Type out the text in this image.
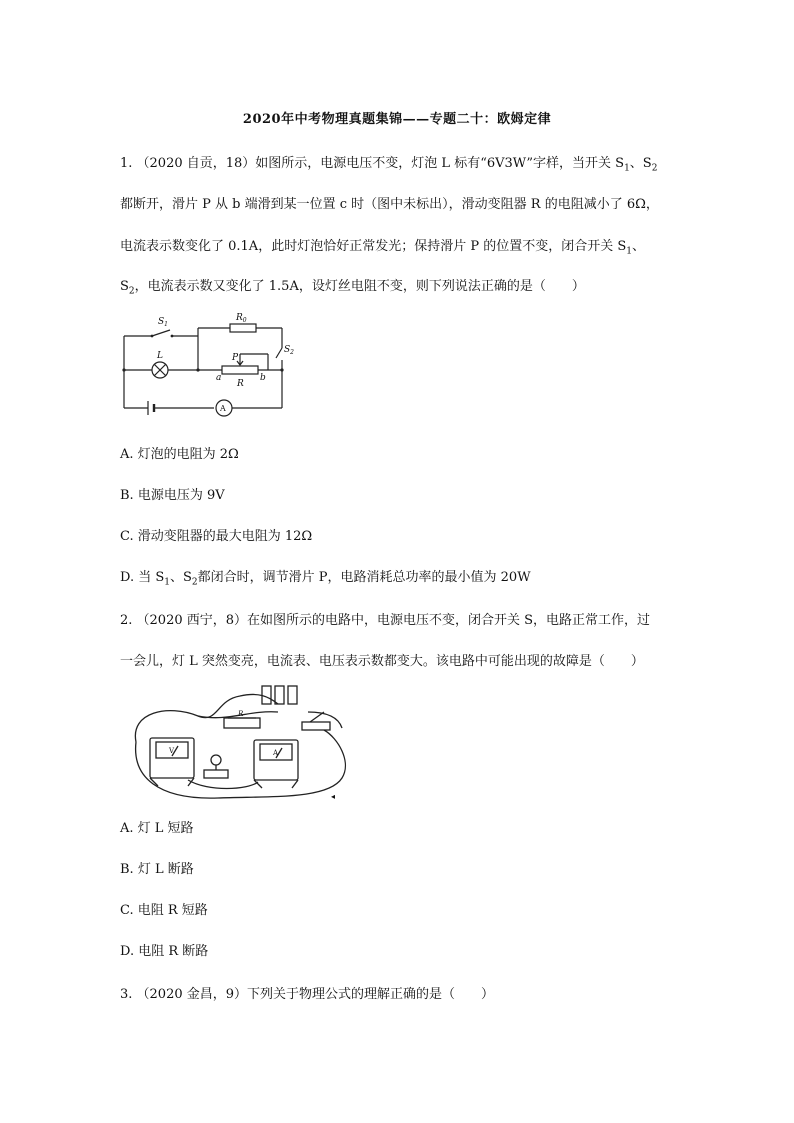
2020年中考物理真题集锦——专题二十：欧姆定律
1. （2020 自贡，18）如图所示，电源电压不变，灯泡 L 标有“6V3W”字样，当开关 $S_1$、$S_2$
都断开，滑片 P 从 b 端滑到某一位置 c 时（图中未标出），滑动变阻器 R 的电阻减小了 6Ω，
电流表示数变化了 0.1A，此时灯泡恰好正常发光；保持滑片 P 的位置不变，闭合开关 $S_1$、
$S_2$，电流表示数又变化了 1.5A，设灯丝电阻不变，则下列说法正确的是（　　）
$S_1$
$R_0$
$S_2$
L	P
a	b
R
A
A. 灯泡的电阻为 2Ω
B. 电源电压为 9V
C. 滑动变阻器的最大电阻为 12Ω
D. 当 $S_1$、$S_2$都闭合时，调节滑片 P，电路消耗总功率的最小值为 20W
2. （2020 西宁，8）在如图所示的电路中，电源电压不变，闭合开关 S，电路正常工作，过
一会儿，灯 L 突然变亮，电流表、电压表示数都变大。该电路中可能出现的故障是（　　）
V	A
R
◂
A. 灯 L 短路
B. 灯 L 断路
C. 电阻 R 短路
D. 电阻 R 断路
3. （2020 金昌，9）下列关于物理公式的理解正确的是（　　）
